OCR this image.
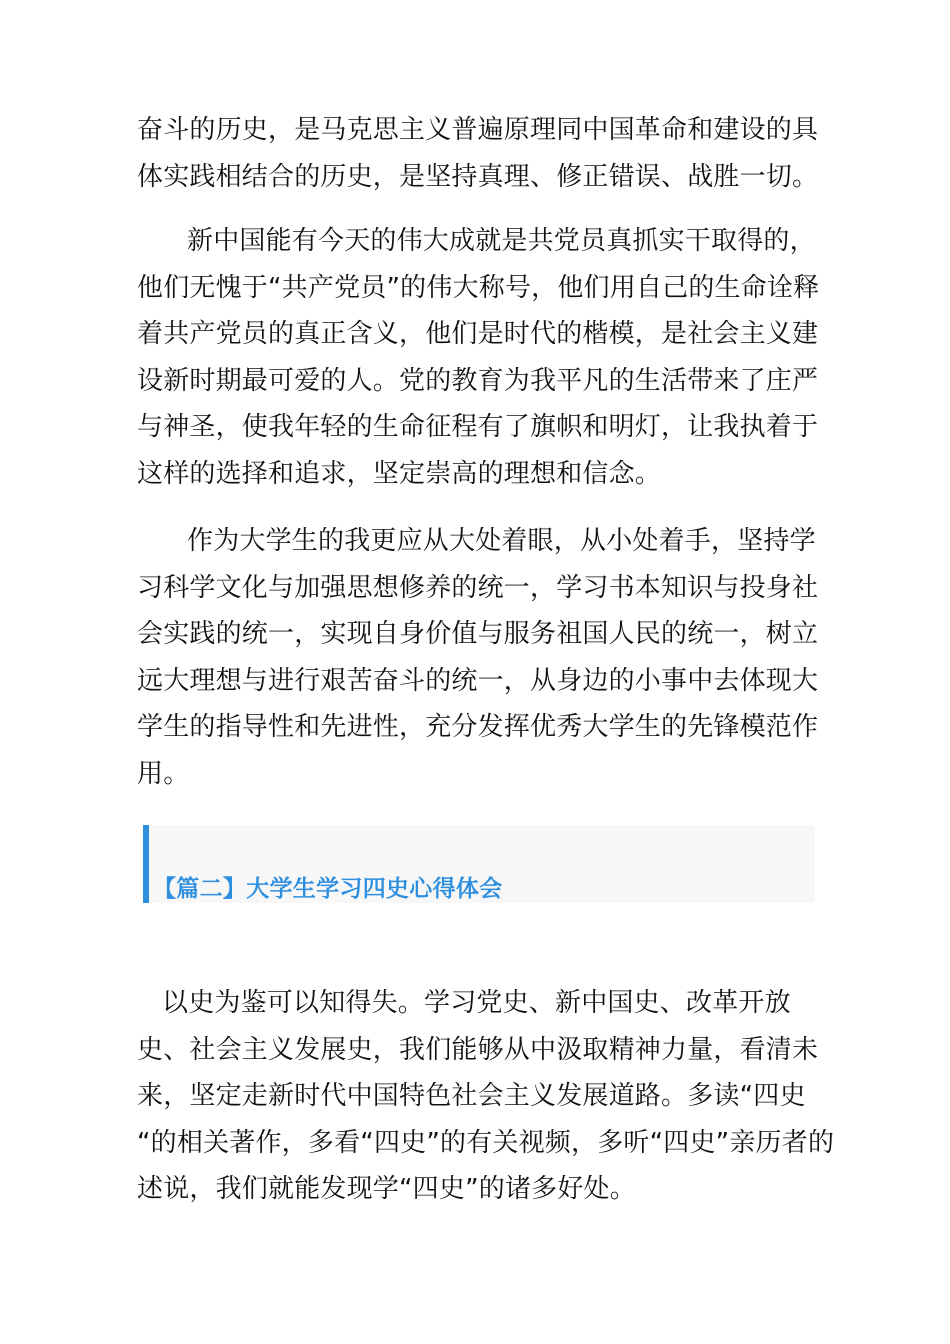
奋斗的历史，是马克思主义普遍原理同中国革命和建设的具
体实践相结合的历史，是坚持真理、修正错误、战胜一切。

新中国能有今天的伟大成就是共党员真抓实干取得的，
他们无愧于“共产党员”的伟大称号，他们用自己的生命诠释
着共产党员的真正含义，他们是时代的楷模，是社会主义建
设新时期最可爱的人。党的教育为我平凡的生活带来了庄严
与神圣，使我年轻的生命征程有了旗帜和明灯，让我执着于
这样的选择和追求，坚定崇高的理想和信念。

作为大学生的我更应从大处着眼，从小处着手，坚持学
习科学文化与加强思想修养的统一，学习书本知识与投身社
会实践的统一，实现自身价值与服务祖国人民的统一，树立
远大理想与进行艰苦奋斗的统一，从身边的小事中去体现大
学生的指导性和先进性，充分发挥优秀大学生的先锋模范作
用。

【篇二】大学生学习四史心得体会

以史为鉴可以知得失。学习党史、新中国史、改革开放
史、社会主义发展史，我们能够从中汲取精神力量，看清未
来，坚定走新时代中国特色社会主义发展道路。多读“四史
“的相关著作，多看“四史”的有关视频，多听“四史”亲历者的
述说，我们就能发现学“四史”的诸多好处。
